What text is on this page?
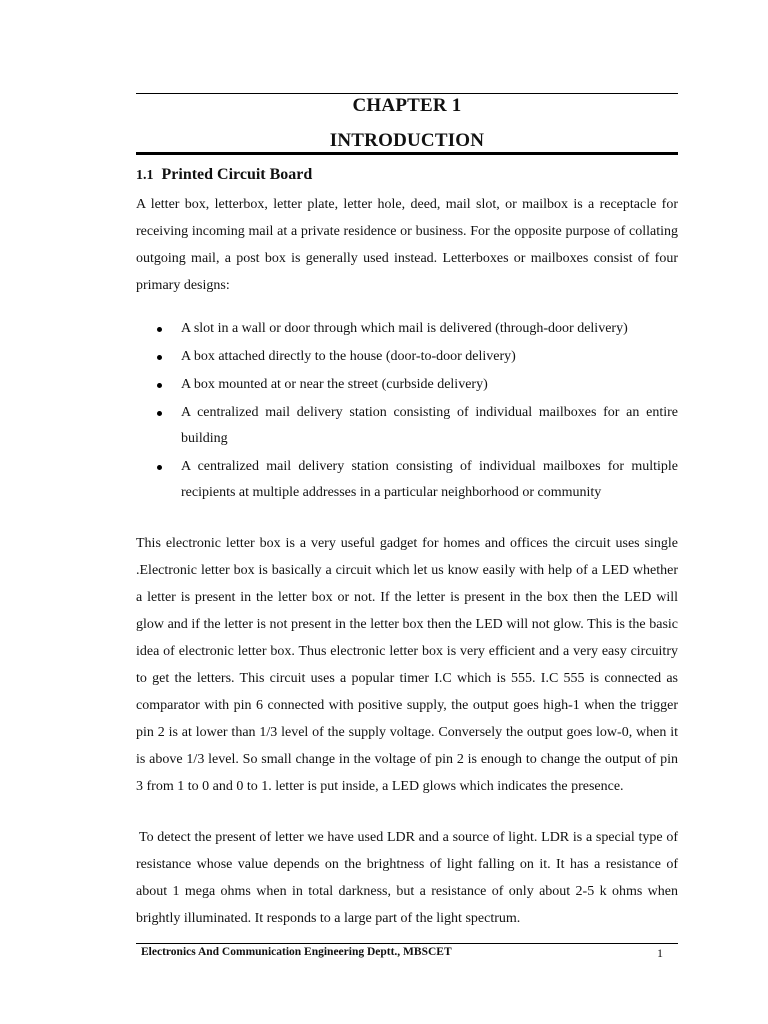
CHAPTER 1
INTRODUCTION
1.1 Printed Circuit Board

A letter box, letterbox, letter plate, letter hole, deed, mail slot, or mailbox is a receptacle for receiving incoming mail at a private residence or business. For the opposite purpose of collating outgoing mail, a post box is generally used instead. Letterboxes or mailboxes consist of four primary designs:

A slot in a wall or door through which mail is delivered (through-door delivery)
A box attached directly to the house (door-to-door delivery)
A box mounted at or near the street (curbside delivery)
A centralized mail delivery station consisting of individual mailboxes for an entire building
A centralized mail delivery station consisting of individual mailboxes for multiple recipients at multiple addresses in a particular neighborhood or community

This electronic letter box is a very useful gadget for homes and offices the circuit uses single .Electronic letter box is basically a circuit which let us know easily with help of a LED whether a letter is present in the letter box or not. If the letter is present in the box then the LED will glow and if the letter is not present in the letter box then the LED will not glow. This is the basic idea of electronic letter box. Thus electronic letter box is very efficient and a very easy circuitry to get the letters. This circuit uses a popular timer I.C which is 555. I.C 555 is connected as comparator with pin 6 connected with positive supply, the output goes high-1 when the trigger pin 2 is at lower than 1/3 level of the supply voltage. Conversely the output goes low-0, when it is above 1/3 level. So small change in the voltage of pin 2 is enough to change the output of pin 3 from 1 to 0 and 0 to 1. letter is put inside, a LED glows which indicates the presence.

To detect the present of letter we have used LDR and a source of light. LDR is a special type of resistance whose value depends on the brightness of light falling on it. It has a resistance of about 1 mega ohms when in total darkness, but a resistance of only about 2-5 k ohms when brightly illuminated. It responds to a large part of the light spectrum.

Electronics And Communication Engineering Deptt., MBSCET	1
